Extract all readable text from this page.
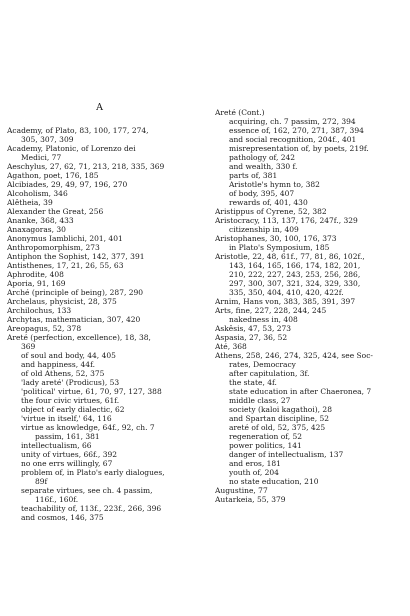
A
Academy, of Plato, 83, 100, 177, 274,
305, 307, 309
Academy, Platonic, of Lorenzo dei
Medici, 77
Aeschylus, 27, 62, 71, 213, 218, 335, 369
Agathon, poet, 176, 185
Alcibiades, 29, 49, 97, 196, 270
Alcoholism, 346
Alêtheia, 39
Alexander the Great, 256
Ananke, 368, 433
Anaxagoras, 30
Anonymus Iamblichi, 201, 401
Anthropomorphism, 273
Antiphon the Sophist, 142, 377, 391
Antisthenes, 17, 21, 26, 55, 63
Aphrodite, 408
Aporia, 91, 169
Arché (principle of being), 287, 290
Archelaus, physicist, 28, 375
Archilochus, 133
Archytas, mathematician, 307, 420
Areopagus, 52, 378
Areté (perfection, excellence), 18, 38,
369
of soul and body, 44, 405
and happiness, 44f.
of old Athens, 52, 375
'lady areté' (Prodicus), 53
'political' virtue, 61, 70, 97, 127, 388
the four civic virtues, 61f.
object of early dialectic, 62
'virtue in itself,' 64, 116
virtue as knowledge, 64f., 92, ch. 7
passim, 161, 381
intellectualism, 66
unity of virtues, 66f., 392
no one errs willingly, 67
problem of, in Plato's early dialogues,
89f
separate virtues, see ch. 4 passim,
116f., 160f.
teachability of, 113f., 223f., 266, 396
and cosmos, 146, 375
Areté (Cont.)
acquiring, ch. 7 passim, 272, 394
essence of, 162, 270, 271, 387, 394
and social recognition, 204f., 401
misrepresentation of, by poets, 219f.
pathology of, 242
and wealth, 330 f.
parts of, 381
Aristotle's hymn to, 382
of body, 395, 407
rewards of, 401, 430
Aristippus of Cyrene, 52, 382
Aristocracy, 113, 137, 176, 247f., 329
citizenship in, 409
Aristophanes, 30, 100, 176, 373
in Plato's Symposium, 185
Aristotle, 22, 48, 61f., 77, 81, 86, 102f.,
143, 164, 165, 166, 174, 182, 201,
210, 222, 227, 243, 253, 256, 286,
297, 300, 307, 321, 324, 329, 330,
335, 350, 404, 410, 420, 422f.
Arnim, Hans von, 383, 385, 391, 397
Arts, fine, 227, 228, 244, 245
nakedness in, 408
Askêsis, 47, 53, 273
Aspasia, 27, 36, 52
Até, 368
Athens, 258, 246, 274, 325, 424, see Soc-
rates, Democracy
after capitulation, 3f.
the state, 4f.
state education in after Chaeronea, 7
middle class, 27
society (kaloi kagathoi), 28
and Spartan discipline, 52
areté of old, 52, 375, 425
regeneration of, 52
power politics, 141
danger of intellectualism, 137
and eros, 181
youth of, 204
no state education, 210
Augustine, 77
Autarkeia, 55, 379
